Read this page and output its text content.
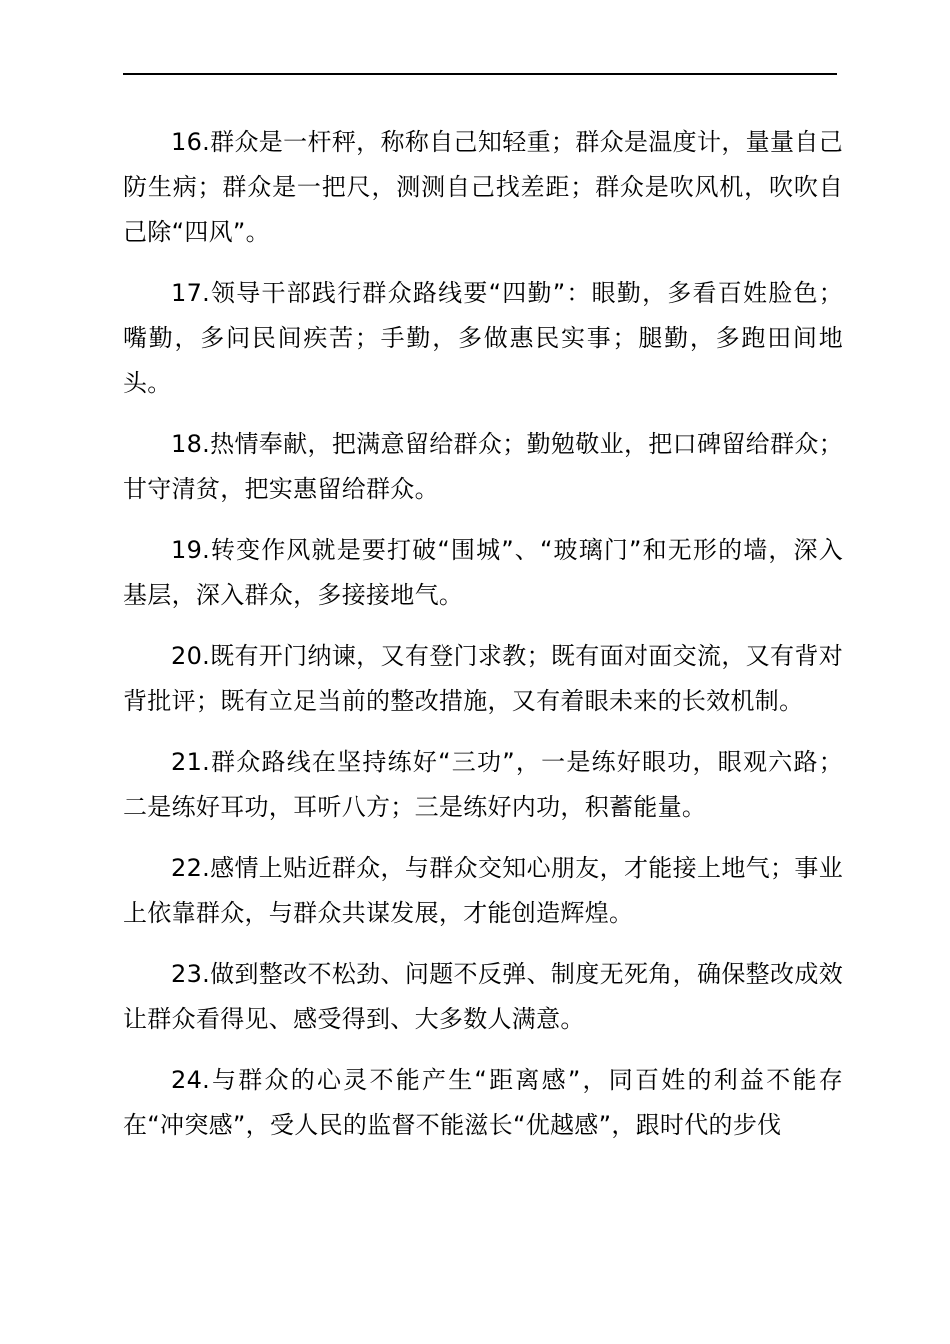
16.群众是一杆秤，称称自己知轻重；群众是温度计，量量自己防生病；群众是一把尺，测测自己找差距；群众是吹风机，吹吹自己除“四风”。

17.领导干部践行群众路线要“四勤”：眼勤，多看百姓脸色；嘴勤，多问民间疾苦；手勤，多做惠民实事；腿勤，多跑田间地头。

18.热情奉献，把满意留给群众；勤勉敬业，把口碑留给群众；甘守清贫，把实惠留给群众。

19.转变作风就是要打破“围城”、“玻璃门”和无形的墙，深入基层，深入群众，多接接地气。

20.既有开门纳谏，又有登门求教；既有面对面交流，又有背对背批评；既有立足当前的整改措施，又有着眼未来的长效机制。

21.群众路线在坚持练好“三功”，一是练好眼功，眼观六路；二是练好耳功，耳听八方；三是练好内功，积蓄能量。

22.感情上贴近群众，与群众交知心朋友，才能接上地气；事业上依靠群众，与群众共谋发展，才能创造辉煌。

23.做到整改不松劲、问题不反弹、制度无死角，确保整改成效让群众看得见、感受得到、大多数人满意。

24.与群众的心灵不能产生“距离感”，同百姓的利益不能存在“冲突感”，受人民的监督不能滋长“优越感”，跟时代的步伐
